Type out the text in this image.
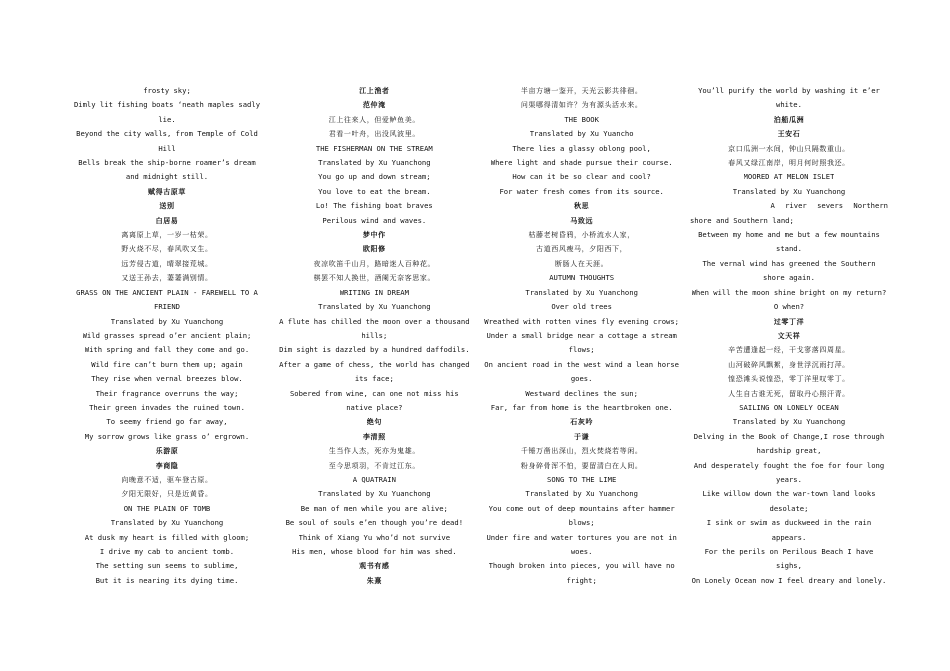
frosty sky;
Dimly lit fishing boats ‘neath maples sadly
lie.
Beyond the city walls, from Temple of Cold
Hill
Bells break the ship-borne roamer’s dream
and midnight still.
赋得古原草
送别
白居易
离离原上草，一岁一枯荣。
野火烧不尽，春风吹又生。
远芳侵古道，晴翠接荒城。
又送王孙去，萋萋满别情。
GRASS ON THE ANCIENT PLAIN - FAREWELL TO A
FRIEND
Translated by Xu Yuanchong
Wild grasses spread o’er ancient plain;
With spring and fall they come and go.
Wild fire can’t burn them up; again
They rise when vernal breezes blow.
Their fragrance overruns the way;
Their green invades the ruined town.
To seemy friend go far away,
My sorrow grows like grass o’ ergrown.
乐游原
李商隐
向晚意不适，驱车登古原。
夕阳无限好，只是近黄昏。
ON THE PLAIN OF TOMB
Translated by Xu Yuanchong
At dusk my heart is filled with gloom;
I drive my cab to ancient tomb.
The setting sun seems to sublime,
But it is nearing its dying time.
江上渔者
范仲淹
江上往来人，但爱鲈鱼美。
君看一叶舟，出没风波里。
THE FISHERMAN ON THE STREAM
Translated by Xu Yuanchong
You go up and down stream;
You love to eat the bream.
Lo! The fishing boat braves
Perilous wind and waves.
梦中作
欧阳修
夜凉吹笛千山月，路暗迷人百种花。
棋罢不知人换世，酒阑无奈客思家。
WRITING IN DREAM
Translated by Xu Yuanchong
A flute has chilled the moon over a thousand
hills;
Dim sight is dazzled by a hundred daffodils.
After a game of chess, the world has changed
its face;
Sobered from wine, can one not miss his
native place?
绝句
李清照
生当作人杰，死亦为鬼雄。
至今思项羽，不肯过江东。
A QUATRAIN
Translated by Xu Yuanchong
Be man of men while you are alive;
Be soul of souls e’en though you’re dead!
Think of Xiang Yu who’d not survive
His men, whose blood for him was shed.
观书有感
朱熹
半亩方塘一鉴开，天光云影共徘徊。
问渠哪得清如许？为有源头活水来。
THE BOOK
Translated by Xu Yuancho
There lies a glassy oblong pool,
Where light and shade pursue their course.
How can it be so clear and cool?
For water fresh comes from its source.
秋思
马致远
枯藤老树昏鸦，小桥流水人家，
古道西风瘦马，夕阳西下，
断肠人在天涯。
AUTUMN THOUGHTS
Translated by Xu Yuanchong
Over old trees
Wreathed with rotten vines fly evening crows;
Under a small bridge near a cottage a stream
flows;
On ancient road in the west wind a lean horse
goes.
Westward declines the sun;
Far, far from home is the heartbroken one.
石灰吟
于谦
千锤万凿出深山，烈火焚烧若等闲。
粉身碎骨浑不怕，要留清白在人间。
SONG TO THE LIME
Translated by Xu Yuanchong
You come out of deep mountains after hammer
blows;
Under fire and water tortures you are not in
woes.
Though broken into pieces, you will have no
fright;
You’ll purify the world by washing it e’er
white.
泊船瓜洲
王安石
京口瓜洲一水间，钟山只隔数重山。
春风又绿江南岸，明月何时照我还。
MOORED AT MELON ISLET
Translated by Xu Yuanchong
A river severs Northern
shore and Southern land;
Between my home and me but a few mountains
stand.
The vernal wind has greened the Southern
shore again.
When will the moon shine bright on my return?
O when?
过零丁洋
文天祥
辛苦遭逢起一经，干戈寥落四周星。
山河破碎风飘絮，身世浮沉雨打萍。
惶恐滩头说惶恐，零丁洋里叹零丁。
人生自古谁无死，留取丹心照汗青。
SAILING ON LONELY OCEAN
Translated by Xu Yuanchong
Delving in the Book of Change,I rose through
hardship great,
And desperately fought the foe for four long
years.
Like willow down the war-town land looks
desolate;
I sink or swim as duckweed in the rain
appears.
For the perils on Perilous Beach I have
sighs,
On Lonely Ocean now I feel dreary and lonely.
